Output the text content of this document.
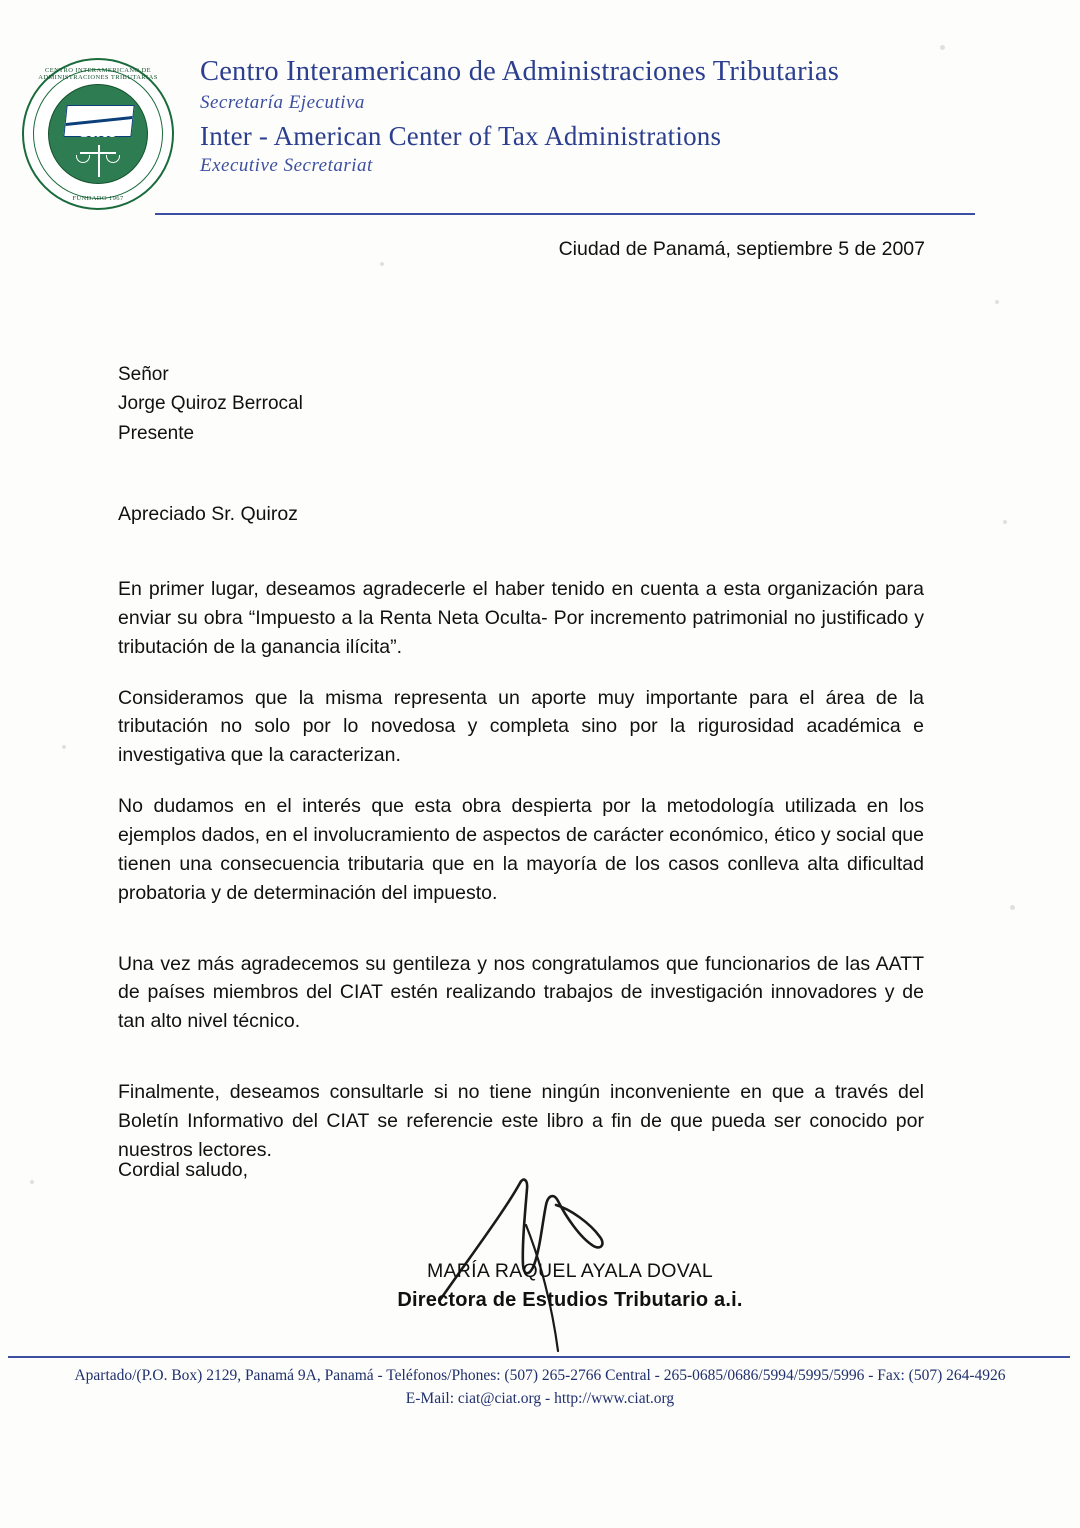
CENTRO INTERAMERICANO DE ADMINISTRACIONES TRIBUTARIAS
FUNDADO 1967
CIAT
Centro Interamericano de Administraciones Tributarias
Secretaría Ejecutiva
Inter - American Center of Tax Administrations
Executive Secretariat
Ciudad de Panamá, septiembre 5 de 2007
Señor
Jorge Quiroz Berrocal
Presente
Apreciado Sr. Quiroz

En primer lugar, deseamos agradecerle el haber tenido en cuenta a esta organización para enviar su obra “Impuesto a la Renta Neta Oculta- Por incremento patrimonial no justificado y tributación de la ganancia ilícita”.

Consideramos que la misma representa un aporte muy importante para el área de la tributación no solo por lo novedosa y completa sino por la rigurosidad académica e investigativa que la caracterizan.

No dudamos en el interés que esta obra despierta por la metodología utilizada en los ejemplos dados, en el involucramiento de aspectos de carácter económico, ético y social que tienen una consecuencia tributaria que en la mayoría de los casos conlleva alta dificultad probatoria y de determinación del impuesto.

Una vez más agradecemos su gentileza y nos congratulamos que funcionarios de las AATT de países miembros del CIAT estén realizando trabajos de investigación innovadores y de tan alto nivel técnico.

Finalmente, deseamos consultarle si no tiene ningún inconveniente en que a través del Boletín Informativo del CIAT se referencie este libro a fin de que pueda ser conocido por nuestros lectores.

Cordial saludo,
MARÍA RAQUEL AYALA DOVAL
Directora de Estudios Tributario a.i.
Apartado/(P.O. Box) 2129, Panamá 9A, Panamá - Teléfonos/Phones: (507) 265-2766 Central - 265-0685/0686/5994/5995/5996 - Fax: (507) 264-4926
E-Mail: ciat@ciat.org - http://www.ciat.org
